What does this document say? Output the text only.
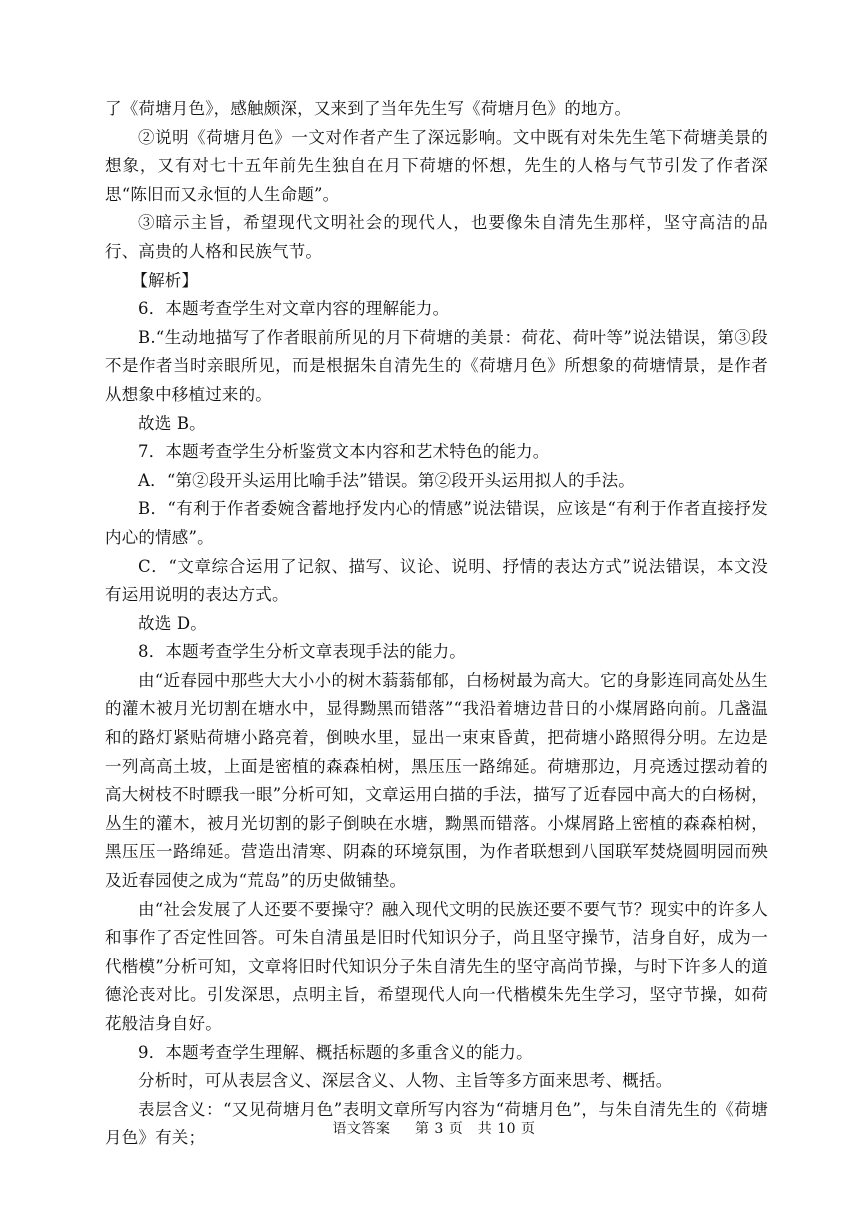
了《荷塘月色》，感触颇深，又来到了当年先生写《荷塘月色》的地方。

②说明《荷塘月色》一文对作者产生了深远影响。文中既有对朱先生笔下荷塘美景的想象，又有对七十五年前先生独自在月下荷塘的怀想，先生的人格与气节引发了作者深思“陈旧而又永恒的人生命题”。

③暗示主旨，希望现代文明社会的现代人，也要像朱自清先生那样，坚守高洁的品行、高贵的人格和民族气节。

【解析】

6．本题考查学生对文章内容的理解能力。

B.“生动地描写了作者眼前所见的月下荷塘的美景：荷花、荷叶等”说法错误，第③段不是作者当时亲眼所见，而是根据朱自清先生的《荷塘月色》所想象的荷塘情景，是作者从想象中移植过来的。

故选 B。

7．本题考查学生分析鉴赏文本内容和艺术特色的能力。

A．“第②段开头运用比喻手法”错误。第②段开头运用拟人的手法。

B．“有利于作者委婉含蓄地抒发内心的情感”说法错误，应该是“有利于作者直接抒发内心的情感”。

C．“文章综合运用了记叙、描写、议论、说明、抒情的表达方式”说法错误，本文没有运用说明的表达方式。

故选 D。

8．本题考查学生分析文章表现手法的能力。

由“近春园中那些大大小小的树木蓊蓊郁郁，白杨树最为高大。它的身影连同高处丛生的灌木被月光切割在塘水中，显得黝黑而错落”“我沿着塘边昔日的小煤屑路向前。几盏温和的路灯紧贴荷塘小路亮着，倒映水里，显出一束束昏黄，把荷塘小路照得分明。左边是一列高高土坡，上面是密植的森森柏树，黑压压一路绵延。荷塘那边，月亮透过摆动着的高大树枝不时瞟我一眼”分析可知，文章运用白描的手法，描写了近春园中高大的白杨树，丛生的灌木，被月光切割的影子倒映在水塘，黝黑而错落。小煤屑路上密植的森森柏树，黑压压一路绵延。营造出清寒、阴森的环境氛围，为作者联想到八国联军焚烧圆明园而殃及近春园使之成为“荒岛”的历史做铺垫。

由“社会发展了人还要不要操守？融入现代文明的民族还要不要气节？现实中的许多人和事作了否定性回答。可朱自清虽是旧时代知识分子，尚且坚守操节，洁身自好，成为一代楷模”分析可知，文章将旧时代知识分子朱自清先生的坚守高尚节操，与时下许多人的道德沦丧对比。引发深思，点明主旨，希望现代人向一代楷模朱先生学习，坚守节操，如荷花般洁身自好。

9．本题考查学生理解、概括标题的多重含义的能力。

分析时，可从表层含义、深层含义、人物、主旨等多方面来思考、概括。

表层含义：“又见荷塘月色”表明文章所写内容为“荷塘月色”，与朱自清先生的《荷塘月色》有关；	语文答案 　 第 3 页　共 10 页
